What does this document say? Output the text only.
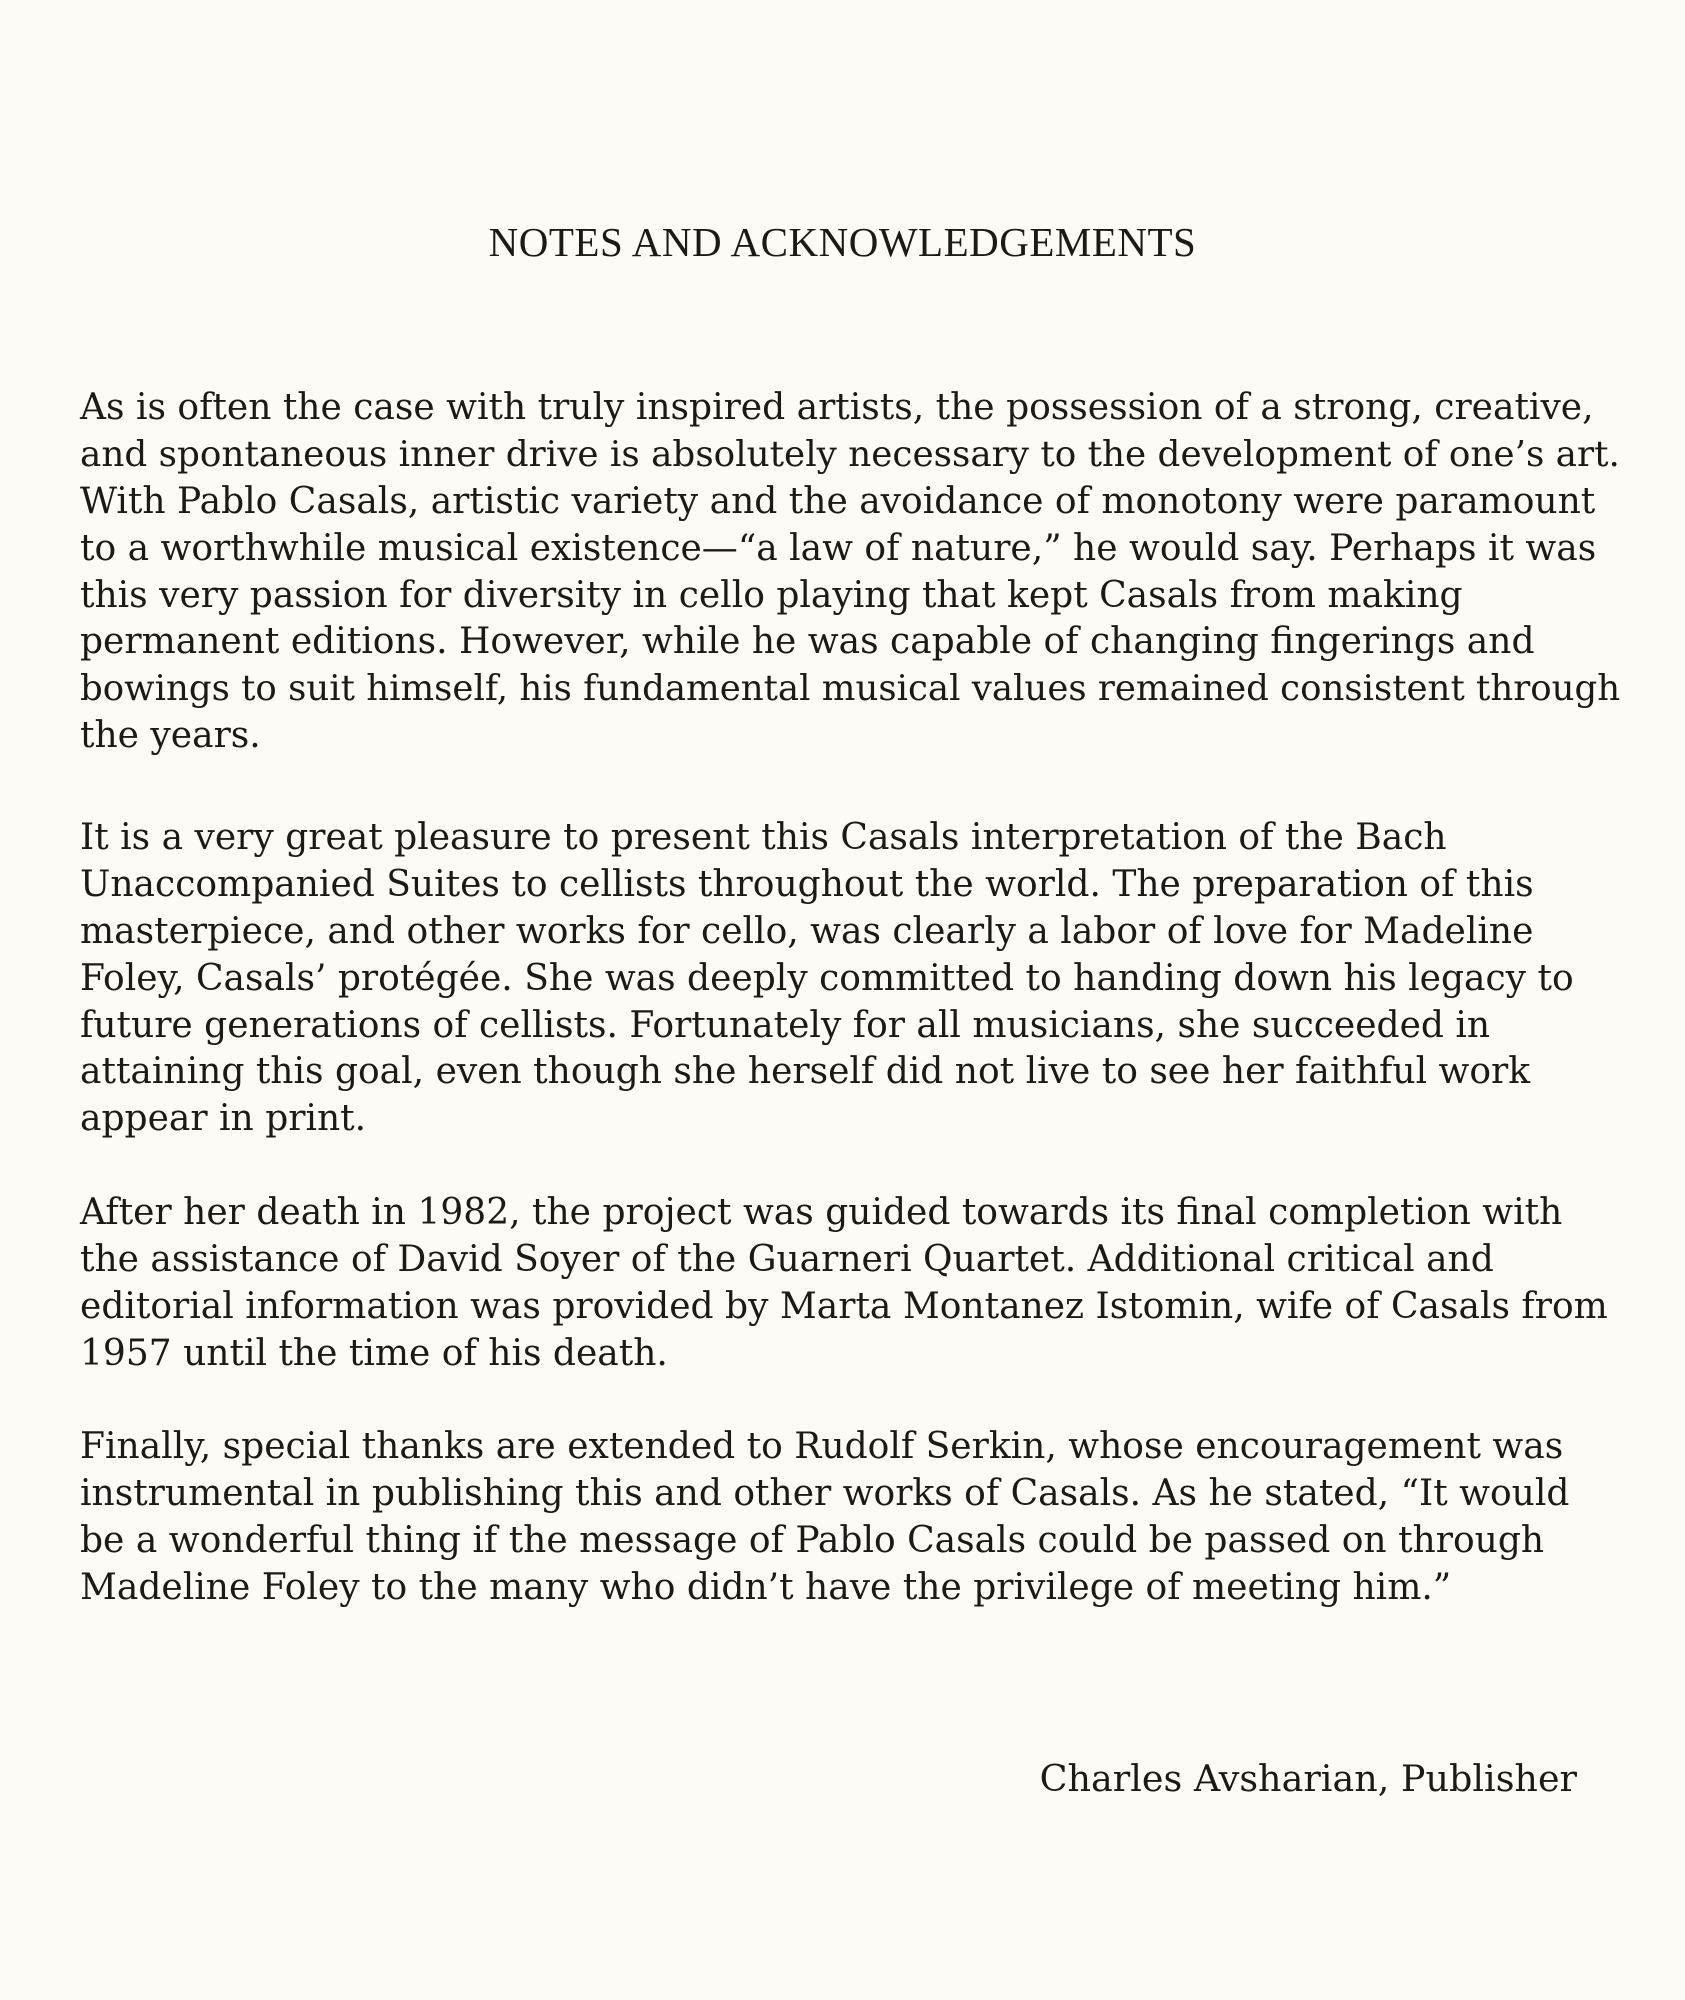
NOTES AND ACKNOWLEDGEMENTS
As is often the case with truly inspired artists, the possession of a strong, creative,
and spontaneous inner drive is absolutely necessary to the development of one’s art.
With Pablo Casals, artistic variety and the avoidance of monotony were paramount
to a worthwhile musical existence—“a law of nature,” he would say. Perhaps it was
this very passion for diversity in cello playing that kept Casals from making
permanent editions. However, while he was capable of changing fingerings and
bowings to suit himself, his fundamental musical values remained consistent through
the years.
It is a very great pleasure to present this Casals interpretation of the Bach
Unaccompanied Suites to cellists throughout the world. The preparation of this
masterpiece, and other works for cello, was clearly a labor of love for Madeline
Foley, Casals’ protégée. She was deeply committed to handing down his legacy to
future generations of cellists. Fortunately for all musicians, she succeeded in
attaining this goal, even though she herself did not live to see her faithful work
appear in print.
After her death in 1982, the project was guided towards its final completion with
the assistance of David Soyer of the Guarneri Quartet. Additional critical and
editorial information was provided by Marta Montanez Istomin, wife of Casals from
1957 until the time of his death.
Finally, special thanks are extended to Rudolf Serkin, whose encouragement was
instrumental in publishing this and other works of Casals. As he stated, “It would
be a wonderful thing if the message of Pablo Casals could be passed on through
Madeline Foley to the many who didn’t have the privilege of meeting him.”

Charles Avsharian, Publisher
